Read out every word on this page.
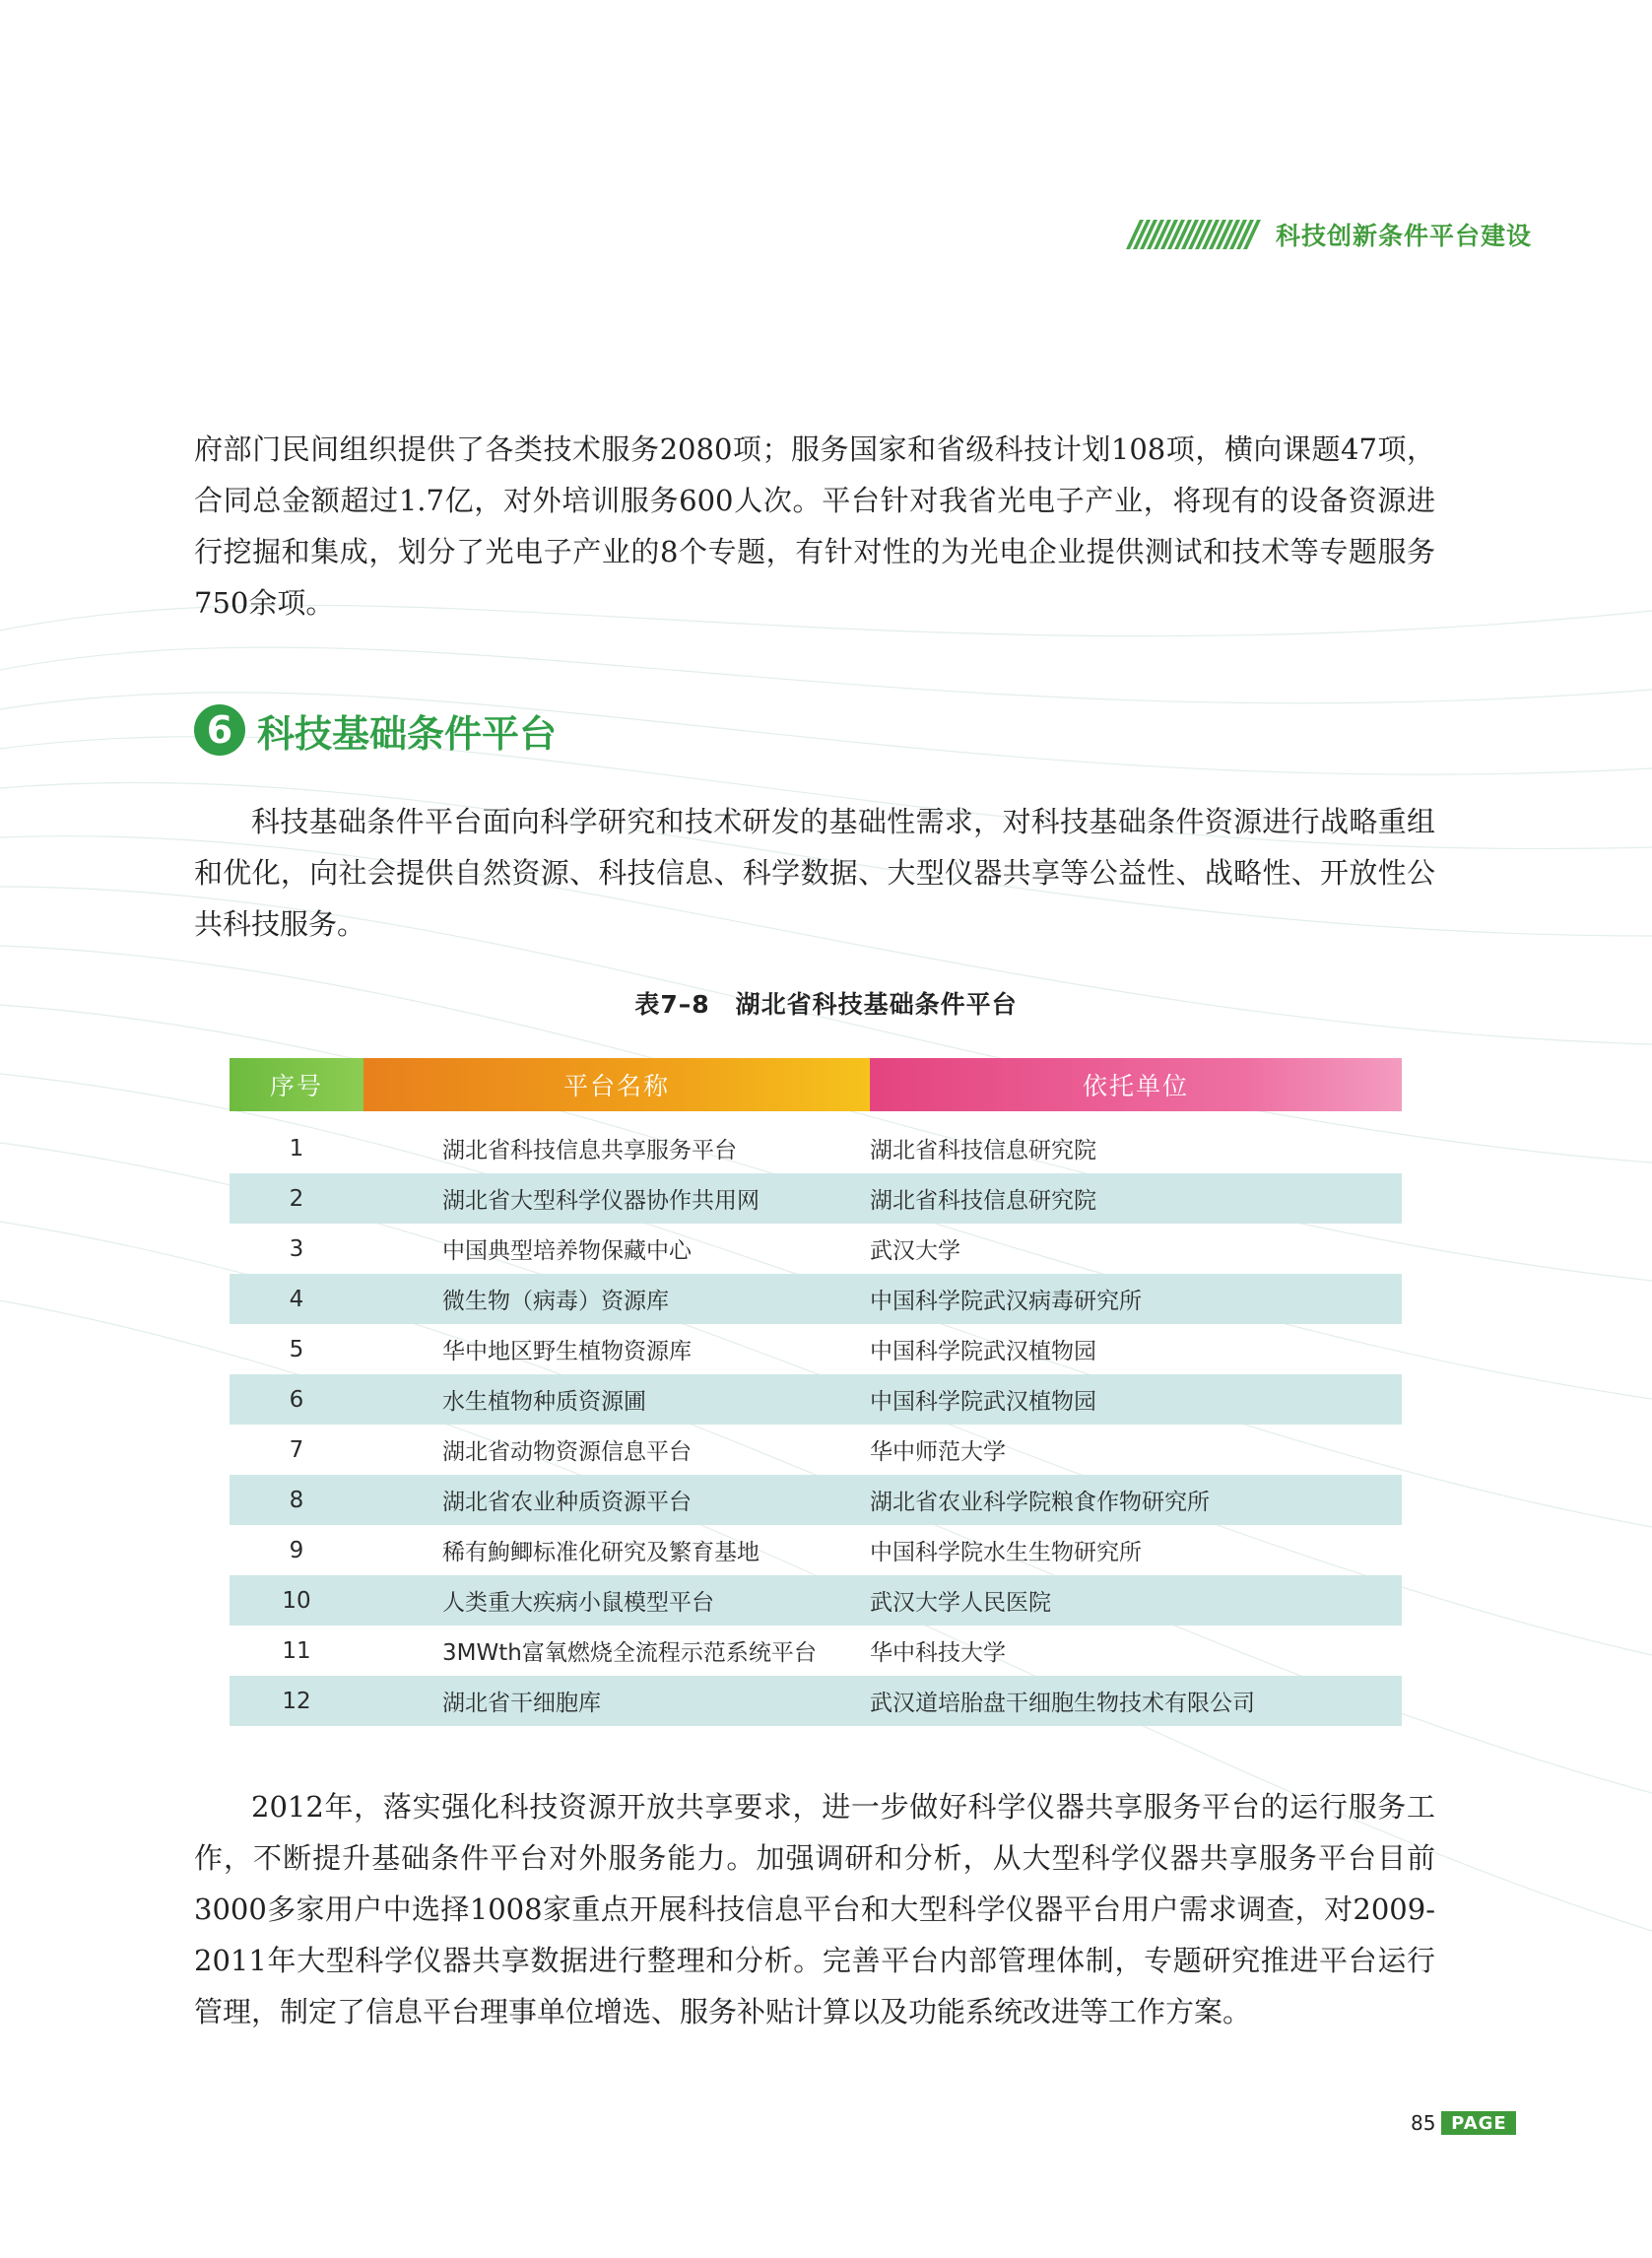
科技创新条件平台建设

府部门民间组织提供了各类技术服务2080项；服务国家和省级科技计划108项，横向课题47项，合同总金额超过1.7亿，对外培训服务600人次。平台针对我省光电子产业，将现有的设备资源进行挖掘和集成，划分了光电子产业的8个专题，有针对性的为光电企业提供测试和技术等专题服务750余项。

6 科技基础条件平台

科技基础条件平台面向科学研究和技术研发的基础性需求，对科技基础条件资源进行战略重组和优化，向社会提供自然资源、科技信息、科学数据、大型仪器共享等公益性、战略性、开放性公共科技服务。

表7–8　湖北省科技基础条件平台
序号	平台名称	依托单位
1	湖北省科技信息共享服务平台	湖北省科技信息研究院
2	湖北省大型科学仪器协作共用网	湖北省科技信息研究院
3	中国典型培养物保藏中心	武汉大学
4	微生物（病毒）资源库	中国科学院武汉病毒研究所
5	华中地区野生植物资源库	中国科学院武汉植物园
6	水生植物种质资源圃	中国科学院武汉植物园
7	湖北省动物资源信息平台	华中师范大学
8	湖北省农业种质资源平台	湖北省农业科学院粮食作物研究所
9	稀有鮈鲫标准化研究及繁育基地	中国科学院水生生物研究所
10	人类重大疾病小鼠模型平台	武汉大学人民医院
11	3MWth富氧燃烧全流程示范系统平台	华中科技大学
12	湖北省干细胞库	武汉道培胎盘干细胞生物技术有限公司

2012年，落实强化科技资源开放共享要求，进一步做好科学仪器共享服务平台的运行服务工作，不断提升基础条件平台对外服务能力。加强调研和分析，从大型科学仪器共享服务平台目前3000多家用户中选择1008家重点开展科技信息平台和大型科学仪器平台用户需求调查，对2009-2011年大型科学仪器共享数据进行整理和分析。完善平台内部管理体制，专题研究推进平台运行管理，制定了信息平台理事单位增选、服务补贴计算以及功能系统改进等工作方案。

85 PAGE
